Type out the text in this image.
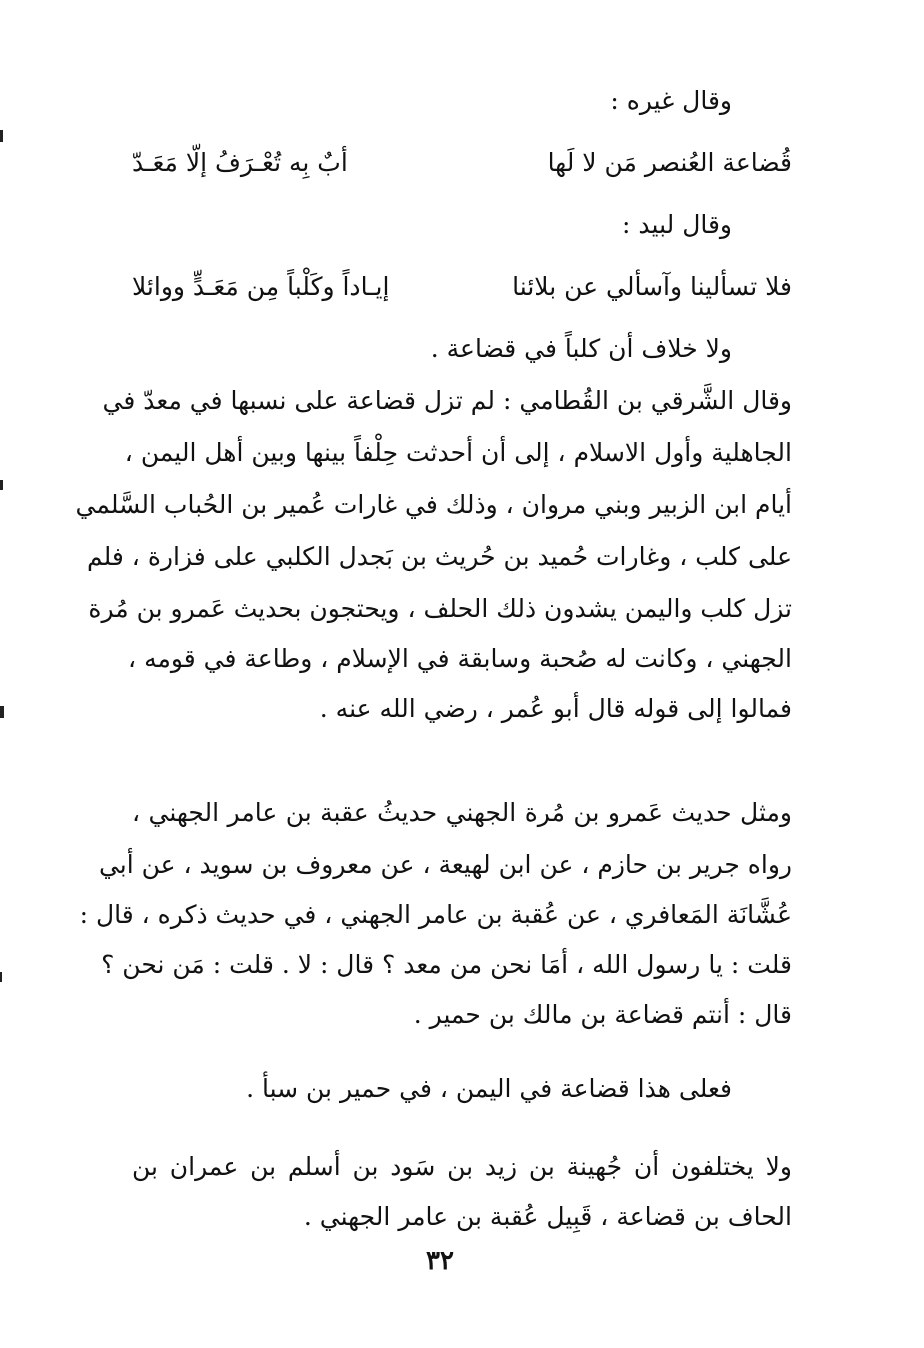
وقال غيره :
قُضاعة العُنصر مَن لا لَها
أبٌ بِه تُعْـرَفُ إلّا مَعَـدّ
وقال لبيد :
فلا تسألينا وآسألي عن بلائنا
إيـاداً وكَلْباً مِن مَعَـدٍّ ووائلا
ولا خلاف أن كلباً في قضاعة .
وقال الشَّرقي بن القُطامي : لم تزل قضاعة على نسبها في معدّ في
الجاهلية وأول الاسلام ، إلى أن أحدثت حِلْفاً بينها وبين أهل اليمن ،
أيام ابن الزبير وبني مروان ، وذلك في غارات عُمير بن الحُباب السَّلمي
على كلب ، وغارات حُميد بن حُريث بن بَجدل الكلبي على فزارة ، فلم
تزل كلب واليمن يشدون ذلك الحلف ، ويحتجون بحديث عَمرو بن مُرة
الجهني ، وكانت له صُحبة وسابقة في الإسلام ، وطاعة في قومه ،
فمالوا إلى قوله قال أبو عُمر ، رضي الله عنه .
ومثل حديث عَمرو بن مُرة الجهني حديثُ عقبة بن عامر الجهني ،
رواه جرير بن حازم ، عن ابن لهيعة ، عن معروف بن سويد ، عن أبي
عُشَّانَة المَعافري ، عن عُقبة بن عامر الجهني ، في حديث ذكره ، قال :
قلت : يا رسول الله ، أمَا نحن من معد ؟ قال : لا . قلت : مَن نحن ؟
قال : أنتم قضاعة بن مالك بن حمير .
فعلى هذا قضاعة في اليمن ، في حمير بن سبأ .
ولا يختلفون أن جُهينة بن زيد بن سَود بن أسلم بن عمران بن
الحاف بن قضاعة ، قَبِيل عُقبة بن عامر الجهني .
٣٢
